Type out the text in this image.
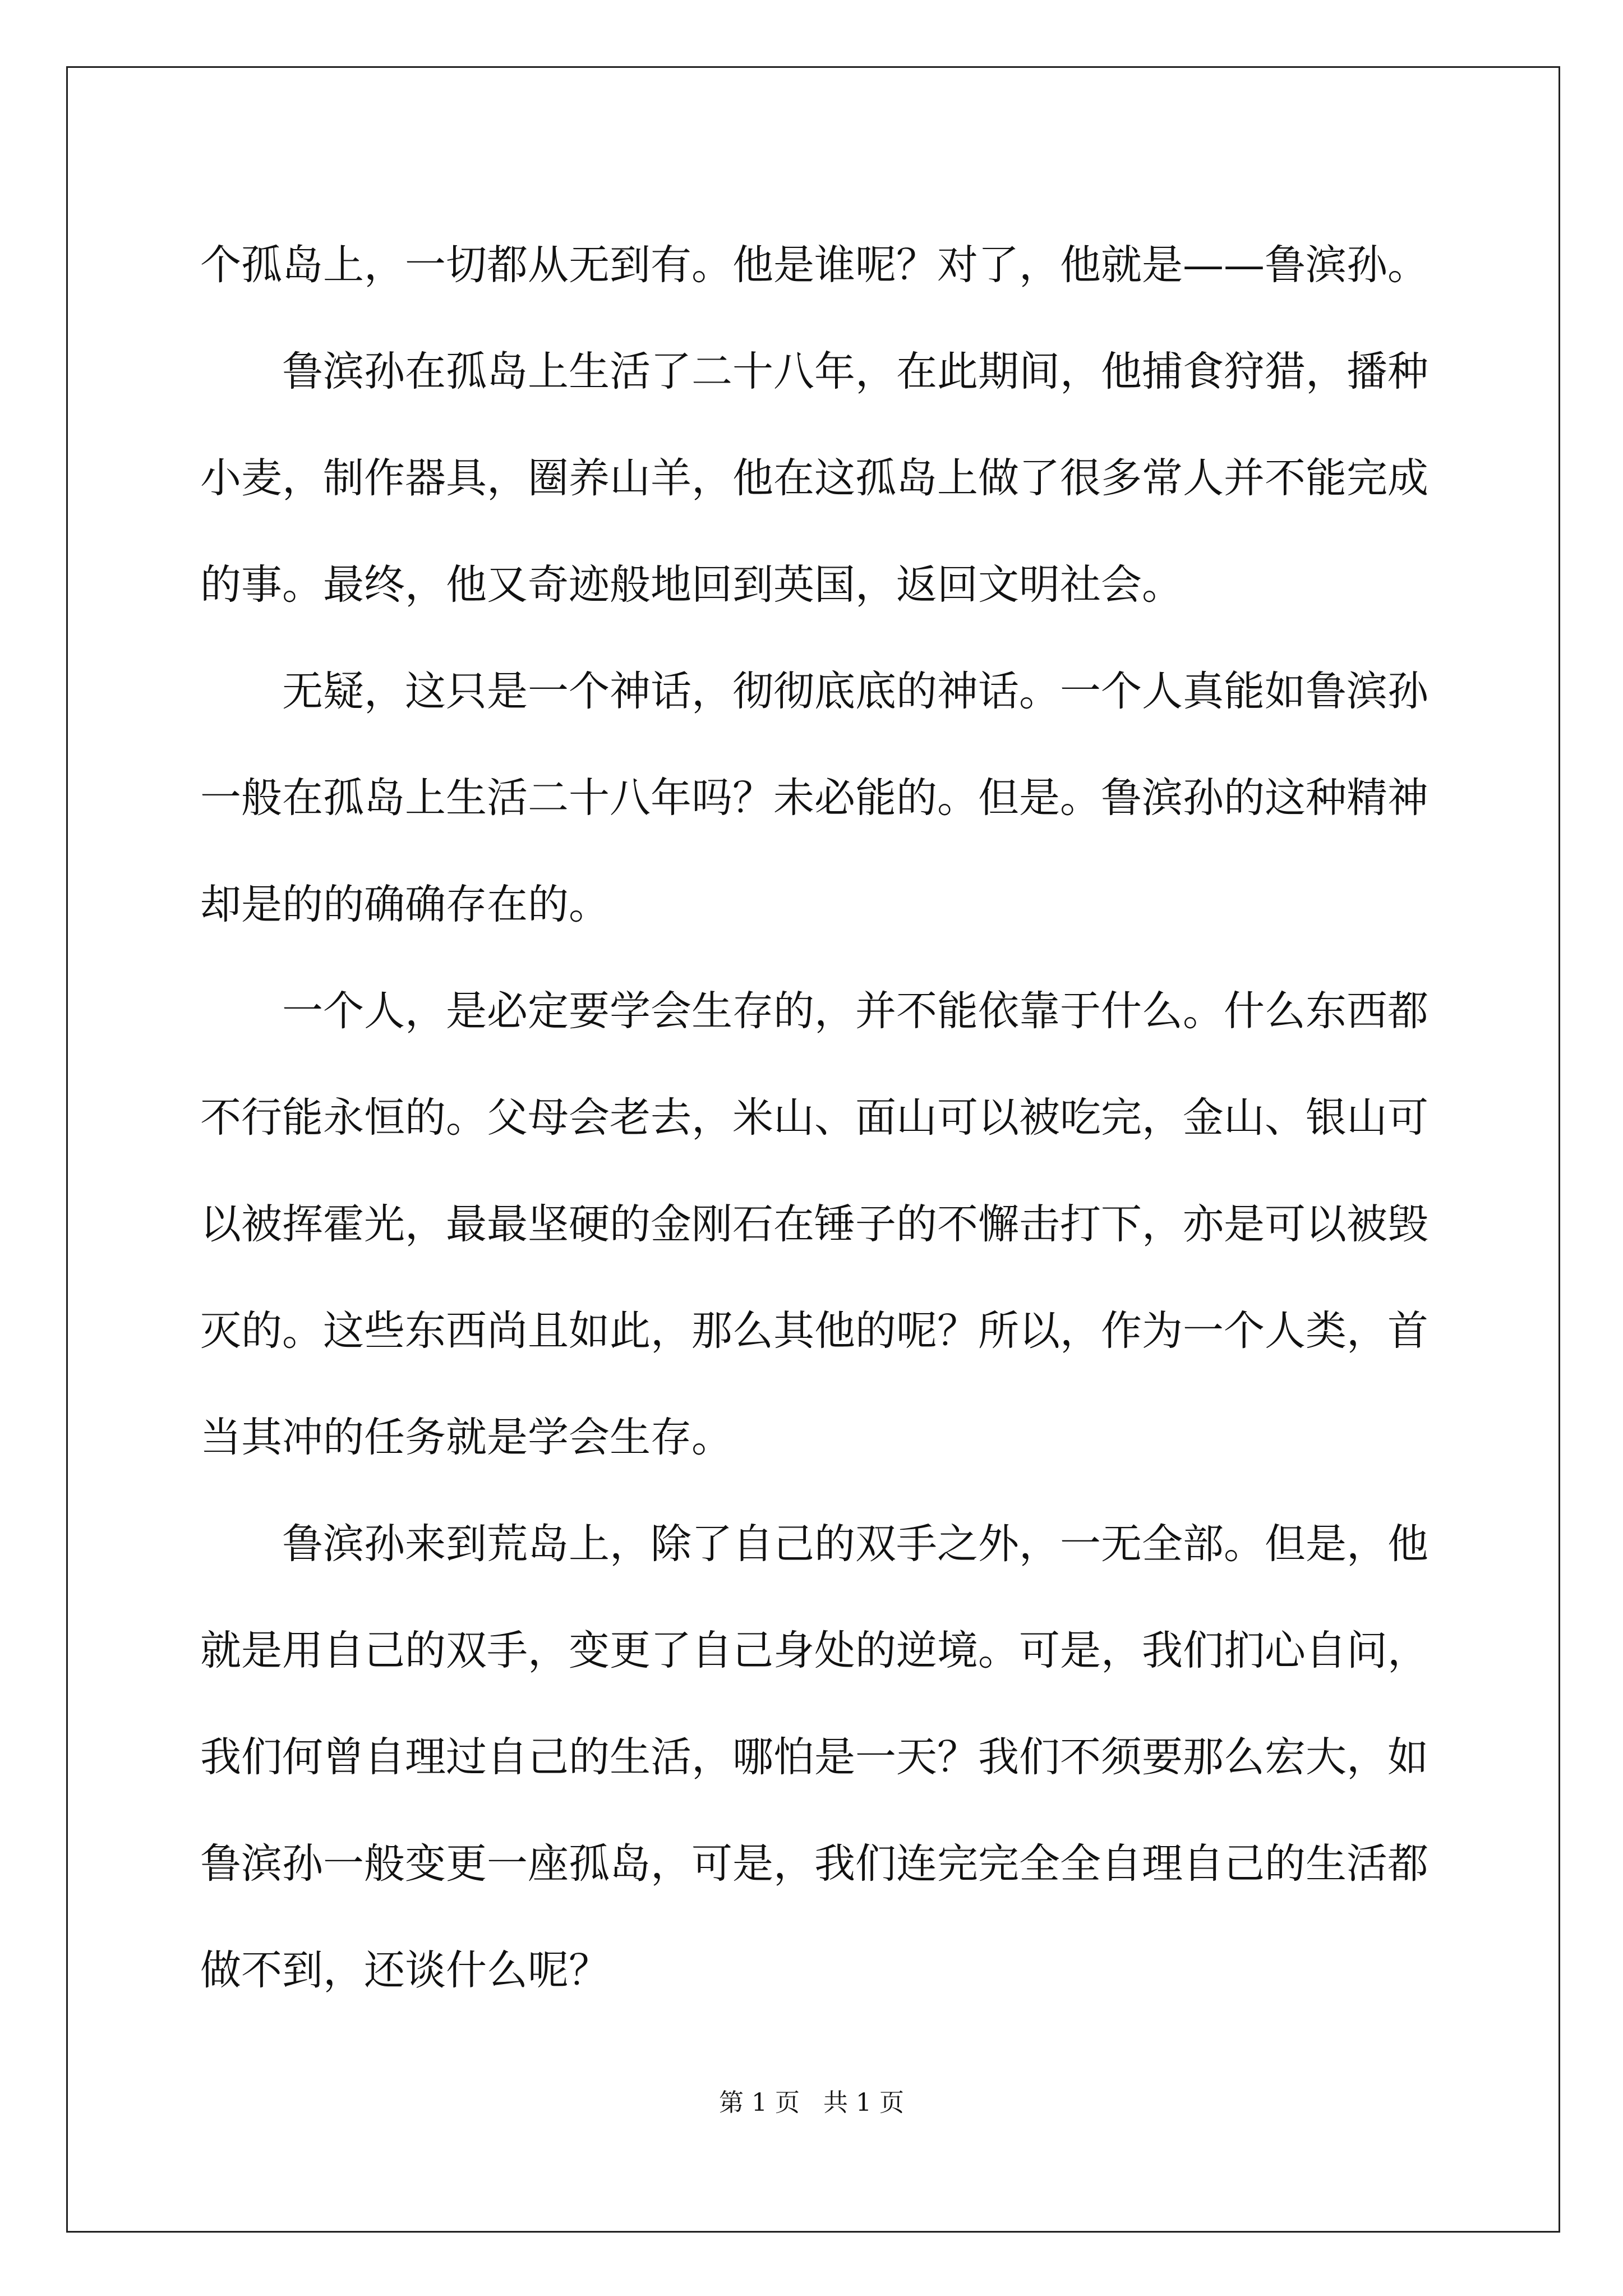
个孤岛上，一切都从无到有。他是谁呢？对了，他就是——鲁滨孙。

鲁滨孙在孤岛上生活了二十八年，在此期间，他捕食狩猎，播种小麦，制作器具，圈养山羊，他在这孤岛上做了很多常人并不能完成的事。最终，他又奇迹般地回到英国，返回文明社会。

无疑，这只是一个神话，彻彻底底的神话。一个人真能如鲁滨孙一般在孤岛上生活二十八年吗？未必能的。但是。鲁滨孙的这种精神却是的的确确存在的。

一个人，是必定要学会生存的，并不能依靠于什么。什么东西都不行能永恒的。父母会老去，米山、面山可以被吃完，金山、银山可以被挥霍光，最最坚硬的金刚石在锤子的不懈击打下，亦是可以被毁灭的。这些东西尚且如此，那么其他的呢？所以，作为一个人类，首当其冲的任务就是学会生存。

鲁滨孙来到荒岛上，除了自己的双手之外，一无全部。但是，他就是用自己的双手，变更了自己身处的逆境。可是，我们扪心自问，我们何曾自理过自己的生活，哪怕是一天？我们不须要那么宏大，如鲁滨孙一般变更一座孤岛，可是，我们连完完全全自理自己的生活都做不到，还谈什么呢？

第 1 页 共 1 页
